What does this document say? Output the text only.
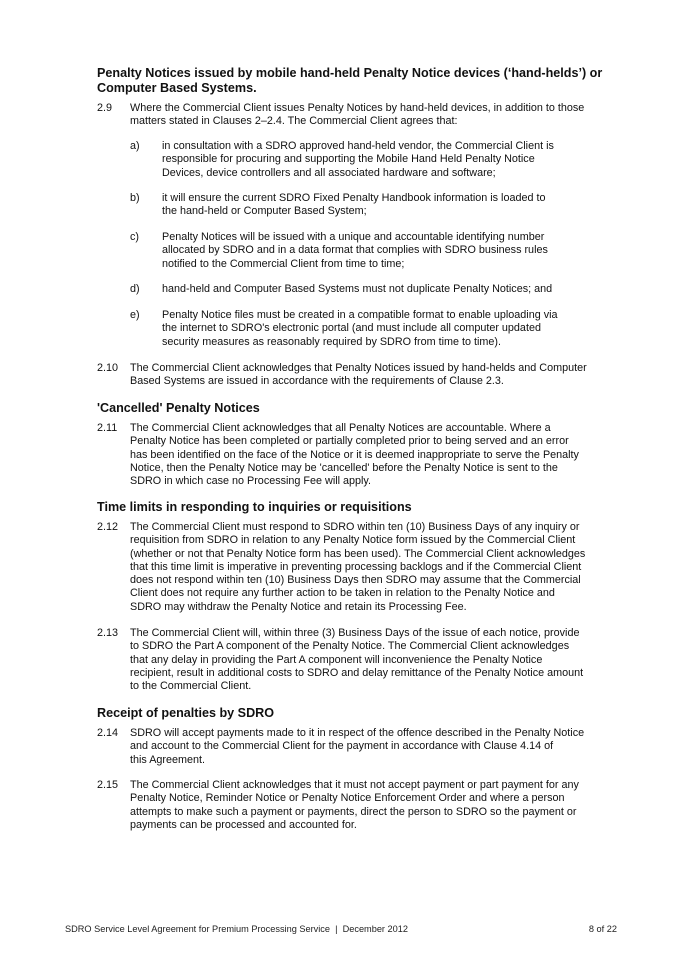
Penalty Notices issued by mobile hand-held Penalty Notice devices (‘hand-helds’) or
Computer Based Systems.
2.9	Where the Commercial Client issues Penalty Notices by hand-held devices, in addition to those
matters stated in Clauses 2–2.4. The Commercial Client agrees that:
a)	in consultation with a SDRO approved hand-held vendor, the Commercial Client is
responsible for procuring and supporting the Mobile Hand Held Penalty Notice
Devices, device controllers and all associated hardware and software;
b)	it will ensure the current SDRO Fixed Penalty Handbook information is loaded to
the hand-held or Computer Based System;
c)	Penalty Notices will be issued with a unique and accountable identifying number
allocated by SDRO and in a data format that complies with SDRO business rules
notified to the Commercial Client from time to time;
d)	hand-held and Computer Based Systems must not duplicate Penalty Notices; and
e)	Penalty Notice files must be created in a compatible format to enable uploading via
the internet to SDRO's electronic portal (and must include all computer updated
security measures as reasonably required by SDRO from time to time).
2.10	The Commercial Client acknowledges that Penalty Notices issued by hand-helds and Computer
Based Systems are issued in accordance with the requirements of Clause 2.3.
'Cancelled' Penalty Notices
2.11	The Commercial Client acknowledges that all Penalty Notices are accountable. Where a
Penalty Notice has been completed or partially completed prior to being served and an error
has been identified on the face of the Notice or it is deemed inappropriate to serve the Penalty
Notice, then the Penalty Notice may be 'cancelled' before the Penalty Notice is sent to the
SDRO in which case no Processing Fee will apply.
Time limits in responding to inquiries or requisitions
2.12	The Commercial Client must respond to SDRO within ten (10) Business Days of any inquiry or
requisition from SDRO in relation to any Penalty Notice form issued by the Commercial Client
(whether or not that Penalty Notice form has been used). The Commercial Client acknowledges
that this time limit is imperative in preventing processing backlogs and if the Commercial Client
does not respond within ten (10) Business Days then SDRO may assume that the Commercial
Client does not require any further action to be taken in relation to the Penalty Notice and
SDRO may withdraw the Penalty Notice and retain its Processing Fee.
2.13	The Commercial Client will, within three (3) Business Days of the issue of each notice, provide
to SDRO the Part A component of the Penalty Notice. The Commercial Client acknowledges
that any delay in providing the Part A component will inconvenience the Penalty Notice
recipient, result in additional costs to SDRO and delay remittance of the Penalty Notice amount
to the Commercial Client.
Receipt of penalties by SDRO
2.14	SDRO will accept payments made to it in respect of the offence described in the Penalty Notice
and account to the Commercial Client for the payment in accordance with Clause 4.14 of
this Agreement.
2.15	The Commercial Client acknowledges that it must not accept payment or part payment for any
Penalty Notice, Reminder Notice or Penalty Notice Enforcement Order and where a person
attempts to make such a payment or payments, direct the person to SDRO so the payment or
payments can be processed and accounted for.
SDRO Service Level Agreement for Premium Processing Service  |  December 2012	8 of 22
